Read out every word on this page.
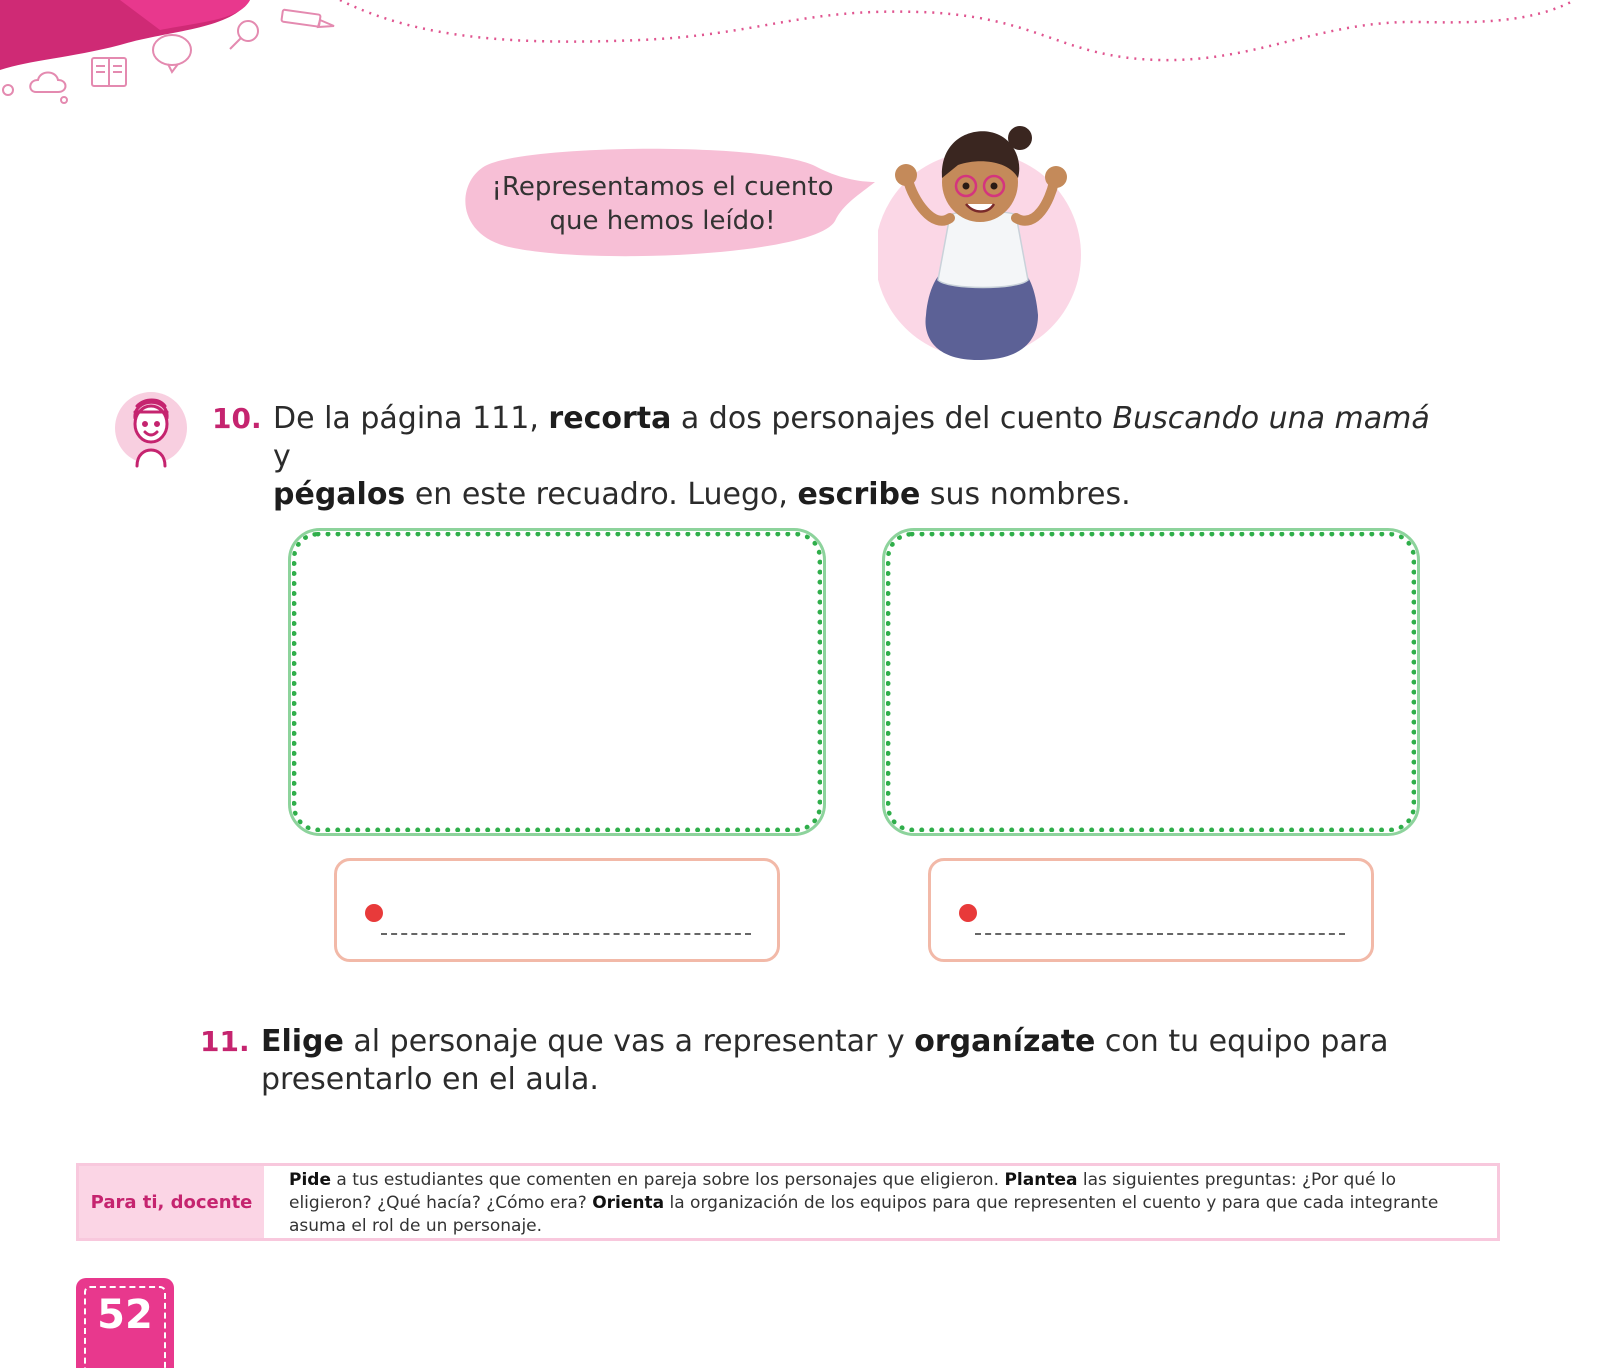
¡Representamos el cuento
que hemos leído!
10. De la página 111, recorta a dos personajes del cuento Buscando una mamá y
pégalos en este recuadro. Luego, escribe sus nombres.
11. Elige al personaje que vas a representar y organízate con tu equipo para
presentarlo en el aula.
Para ti, docente
Pide a tus estudiantes que comenten en pareja sobre los personajes que eligieron. Plantea las siguientes preguntas: ¿Por qué lo eligieron? ¿Qué hacía? ¿Cómo era? Orienta la organización de los equipos para que representen el cuento y para que cada integrante asuma el rol de un personaje.
52
